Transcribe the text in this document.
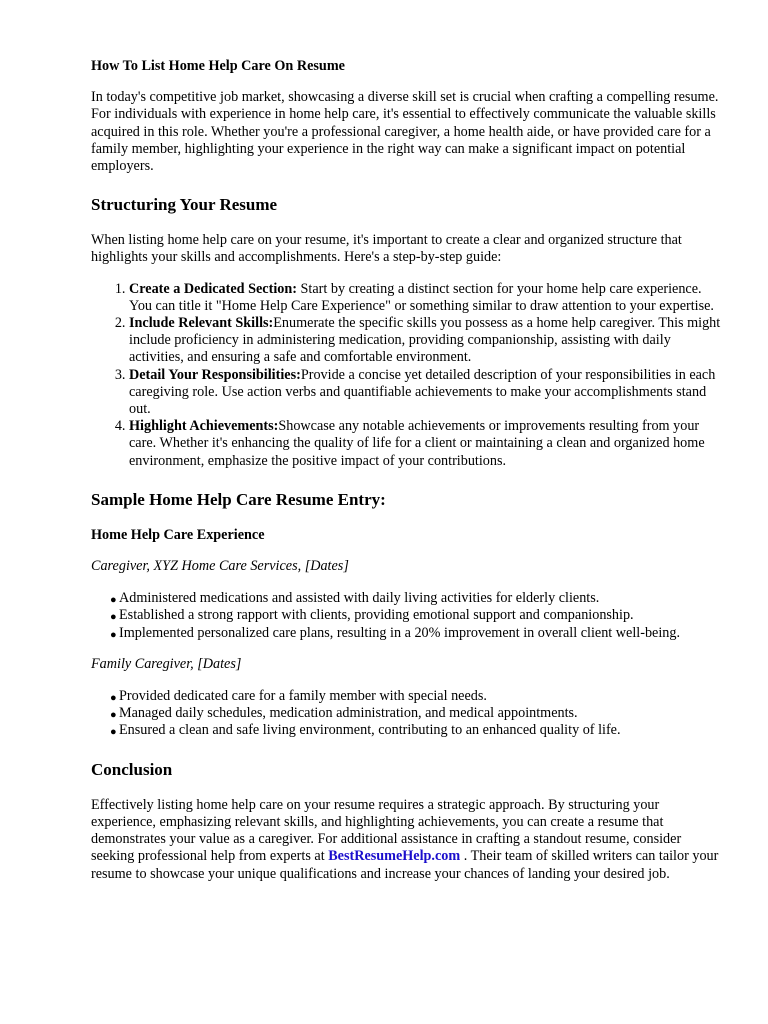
How To List Home Help Care On Resume

In today's competitive job market, showcasing a diverse skill set is crucial when crafting a compelling resume. For individuals with experience in home help care, it's essential to effectively communicate the valuable skills acquired in this role. Whether you're a professional caregiver, a home health aide, or have provided care for a family member, highlighting your experience in the right way can make a significant impact on potential employers.

Structuring Your Resume

When listing home help care on your resume, it's important to create a clear and organized structure that highlights your skills and accomplishments. Here's a step-by-step guide:

1. Create a Dedicated Section: Start by creating a distinct section for your home help care experience. You can title it "Home Help Care Experience" or something similar to draw attention to your expertise.
2. Include Relevant Skills:Enumerate the specific skills you possess as a home help caregiver. This might include proficiency in administering medication, providing companionship, assisting with daily activities, and ensuring a safe and comfortable environment.
3. Detail Your Responsibilities:Provide a concise yet detailed description of your responsibilities in each caregiving role. Use action verbs and quantifiable achievements to make your accomplishments stand out.
4. Highlight Achievements:Showcase any notable achievements or improvements resulting from your care. Whether it's enhancing the quality of life for a client or maintaining a clean and organized home environment, emphasize the positive impact of your contributions.
Sample Home Help Care Resume Entry:
Home Help Care Experience
Caregiver, XYZ Home Care Services, [Dates]
● Administered medications and assisted with daily living activities for elderly clients.
● Established a strong rapport with clients, providing emotional support and companionship.
● Implemented personalized care plans, resulting in a 20% improvement in overall client well-being.
Family Caregiver, [Dates]
● Provided dedicated care for a family member with special needs.
● Managed daily schedules, medication administration, and medical appointments.
● Ensured a clean and safe living environment, contributing to an enhanced quality of life.
Conclusion

Effectively listing home help care on your resume requires a strategic approach. By structuring your experience, emphasizing relevant skills, and highlighting achievements, you can create a resume that demonstrates your value as a caregiver. For additional assistance in crafting a standout resume, consider seeking professional help from experts at BestResumeHelp.com . Their team of skilled writers can tailor your resume to showcase your unique qualifications and increase your chances of landing your desired job.
